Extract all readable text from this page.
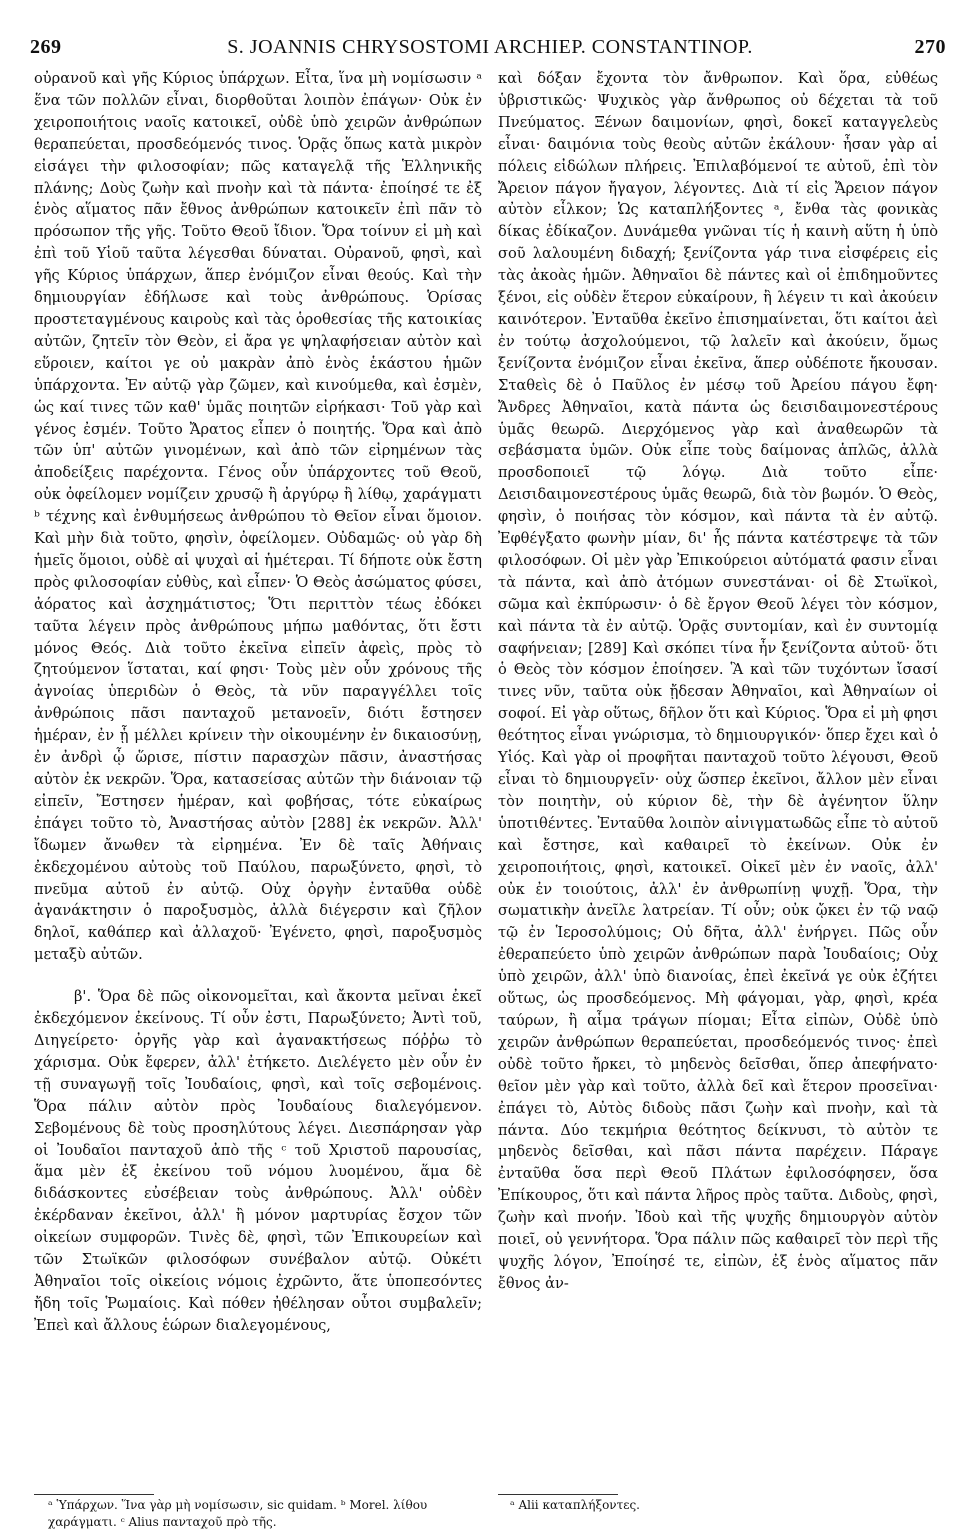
269	S. JOANNIS CHRYSOSTOMI ARCHIEP. CONSTANTINOP.	270

οὐρανοῦ καὶ γῆς Κύριος ὑπάρχων. Εἶτα, ἵνα μὴ νομίσωσιν ᵃ ἕνα τῶν πολλῶν εἶναι, διορθοῦται λοιπὸν ἐπάγων· Οὐκ ἐν χειροποιήτοις ναοῖς κατοικεῖ, οὐδὲ ὑπὸ χειρῶν ἀνθρώπων θεραπεύεται, προσδεόμενός τινος. Ὁρᾷς ὅπως κατὰ μικρὸν εἰσάγει τὴν φιλοσοφίαν; πῶς καταγελᾷ τῆς Ἑλληνικῆς πλάνης; Δοὺς ζωὴν καὶ πνοὴν καὶ τὰ πάντα· ἐποίησέ τε ἐξ ἑνὸς αἵματος πᾶν ἔθνος ἀνθρώπων κατοικεῖν ἐπὶ πᾶν τὸ πρόσωπον τῆς γῆς. Τοῦτο Θεοῦ ἴδιον. Ὅρα τοίνυν εἰ μὴ καὶ ἐπὶ τοῦ Υἱοῦ ταῦτα λέγεσθαι δύναται. Οὐρανοῦ, φησὶ, καὶ γῆς Κύριος ὑπάρχων, ἅπερ ἐνόμιζον εἶναι θεούς. Καὶ τὴν δημιουργίαν ἐδήλωσε καὶ τοὺς ἀνθρώπους. Ὁρίσας προστεταγμένους καιροὺς καὶ τὰς ὁροθεσίας τῆς κατοικίας αὐτῶν, ζητεῖν τὸν Θεὸν, εἰ ἄρα γε ψηλαφήσειαν αὐτὸν καὶ εὕροιεν, καίτοι γε οὐ μακρὰν ἀπὸ ἑνὸς ἑκάστου ἡμῶν ὑπάρχοντα. Ἐν αὐτῷ γὰρ ζῶμεν, καὶ κινούμεθα, καὶ ἐσμὲν, ὡς καί τινες τῶν καθ' ὑμᾶς ποιητῶν εἰρήκασι· Τοῦ γὰρ καὶ γένος ἐσμέν. Τοῦτο Ἄρατος εἶπεν ὁ ποιητής. Ὅρα καὶ ἀπὸ τῶν ὑπ' αὐτῶν γινομένων, καὶ ἀπὸ τῶν εἰρημένων τὰς ἀποδείξεις παρέχοντα. Γένος οὖν ὑπάρχοντες τοῦ Θεοῦ, οὐκ ὀφείλομεν νομίζειν χρυσῷ ἢ ἀργύρῳ ἢ λίθῳ, χαράγματι ᵇ τέχνης καὶ ἐνθυμήσεως ἀνθρώπου τὸ Θεῖον εἶναι ὅμοιον. Καὶ μὴν διὰ τοῦτο, φησὶν, ὀφείλομεν. Οὐδαμῶς· οὐ γὰρ δὴ ἡμεῖς ὅμοιοι, οὐδὲ αἱ ψυχαὶ αἱ ἡμέτεραι. Τί δήποτε οὐκ ἔστη πρὸς φιλοσοφίαν εὐθὺς, καὶ εἶπεν· Ὁ Θεὸς ἀσώματος φύσει, ἀόρατος καὶ ἀσχημάτιστος; Ὅτι περιττὸν τέως ἐδόκει ταῦτα λέγειν πρὸς ἀνθρώπους μήπω μαθόντας, ὅτι ἔστι μόνος Θεός. Διὰ τοῦτο ἐκεῖνα εἰπεῖν ἀφεὶς, πρὸς τὸ ζητούμενον ἵσταται, καί φησι· Τοὺς μὲν οὖν χρόνους τῆς ἀγνοίας ὑπεριδὼν ὁ Θεὸς, τὰ νῦν παραγγέλλει τοῖς ἀνθρώποις πᾶσι πανταχοῦ μετανοεῖν, διότι ἔστησεν ἡμέραν, ἐν ᾗ μέλλει κρίνειν τὴν οἰκουμένην ἐν δικαιοσύνῃ, ἐν ἀνδρὶ ᾧ ὥρισε, πίστιν παρασχὼν πᾶσιν, ἀναστήσας αὐτὸν ἐκ νεκρῶν. Ὅρα, κατασείσας αὐτῶν τὴν διάνοιαν τῷ εἰπεῖν, Ἔστησεν ἡμέραν, καὶ φοβήσας, τότε εὐκαίρως ἐπάγει τοῦτο τὸ, Ἀναστήσας αὐτὸν [288] ἐκ νεκρῶν. Ἀλλ' ἴδωμεν ἄνωθεν τὰ εἰρημένα. Ἐν δὲ ταῖς Ἀθήναις ἐκδεχομένου αὐτοὺς τοῦ Παύλου, παρωξύνετο, φησὶ, τὸ πνεῦμα αὐτοῦ ἐν αὐτῷ. Οὐχ ὀργὴν ἐνταῦθα οὐδὲ ἀγανάκτησιν ὁ παροξυσμὸς, ἀλλὰ διέγερσιν καὶ ζῆλον δηλοῖ, καθάπερ καὶ ἀλλαχοῦ· Ἐγένετο, φησὶ, παροξυσμὸς μεταξὺ αὐτῶν.

β'. Ὅρα δὲ πῶς οἰκονομεῖται, καὶ ἄκοντα μεῖναι ἐκεῖ ἐκδεχόμενον ἐκείνους. Τί οὖν ἐστι, Παρωξύνετο; Ἀντὶ τοῦ, Διηγείρετο· ὀργῆς γὰρ καὶ ἀγανακτήσεως πόῤῥω τὸ χάρισμα. Οὐκ ἔφερεν, ἀλλ' ἐτήκετο. Διελέγετο μὲν οὖν ἐν τῇ συναγωγῇ τοῖς Ἰουδαίοις, φησὶ, καὶ τοῖς σεβομένοις. Ὅρα πάλιν αὐτὸν πρὸς Ἰουδαίους διαλεγόμενον. Σεβομένους δὲ τοὺς προσηλύτους λέγει. Διεσπάρησαν γὰρ οἱ Ἰουδαῖοι πανταχοῦ ἀπὸ τῆς ᶜ τοῦ Χριστοῦ παρουσίας, ἅμα μὲν ἐξ ἐκείνου τοῦ νόμου λυομένου, ἅμα δὲ διδάσκοντες εὐσέβειαν τοὺς ἀνθρώπους. Ἀλλ' οὐδὲν ἐκέρδαναν ἐκεῖνοι, ἀλλ' ἢ μόνον μαρτυρίας ἔσχον τῶν οἰκείων συμφορῶν. Τινὲς δὲ, φησὶ, τῶν Ἐπικουρείων καὶ τῶν Στωϊκῶν φιλοσόφων συνέβαλον αὐτῷ. Οὐκέτι Ἀθηναῖοι τοῖς οἰκείοις νόμοις ἐχρῶντο, ἅτε ὑποπεσόντες ἤδη τοῖς Ῥωμαίοις. Καὶ πόθεν ἠθέλησαν οὗτοι συμβαλεῖν; Ἐπεὶ καὶ ἄλλους ἑώρων διαλεγομένους,

καὶ δόξαν ἔχοντα τὸν ἄνθρωπον. Καὶ ὅρα, εὐθέως ὑβριστικῶς· Ψυχικὸς γὰρ ἄνθρωπος οὐ δέχεται τὰ τοῦ Πνεύματος. Ξένων δαιμονίων, φησὶ, δοκεῖ καταγγελεὺς εἶναι· δαιμόνια τοὺς θεοὺς αὐτῶν ἐκάλουν· ἦσαν γὰρ αἱ πόλεις εἰδώλων πλήρεις. Ἐπιλαβόμενοί τε αὐτοῦ, ἐπὶ τὸν Ἄρειον πάγον ἤγαγον, λέγοντες. Διὰ τί εἰς Ἄρειον πάγον αὐτὸν εἷλκον; Ὡς καταπλήξοντες ᵃ, ἔνθα τὰς φονικὰς δίκας ἐδίκαζον. Δυνάμεθα γνῶναι τίς ἡ καινὴ αὕτη ἡ ὑπὸ σοῦ λαλουμένη διδαχή; ξενίζοντα γάρ τινα εἰσφέρεις εἰς τὰς ἀκοὰς ἡμῶν. Ἀθηναῖοι δὲ πάντες καὶ οἱ ἐπιδημοῦντες ξένοι, εἰς οὐδὲν ἕτερον εὐκαίρουν, ἢ λέγειν τι καὶ ἀκούειν καινότερον. Ἐνταῦθα ἐκεῖνο ἐπισημαίνεται, ὅτι καίτοι ἀεὶ ἐν τούτῳ ἀσχολούμενοι, τῷ λαλεῖν καὶ ἀκούειν, ὅμως ξενίζοντα ἐνόμιζον εἶναι ἐκεῖνα, ἅπερ οὐδέποτε ἤκουσαν. Σταθεὶς δὲ ὁ Παῦλος ἐν μέσῳ τοῦ Ἀρείου πάγου ἔφη· Ἄνδρες Ἀθηναῖοι, κατὰ πάντα ὡς δεισιδαιμονεστέρους ὑμᾶς θεωρῶ. Διερχόμενος γὰρ καὶ ἀναθεωρῶν τὰ σεβάσματα ὑμῶν. Οὐκ εἶπε τοὺς δαίμονας ἁπλῶς, ἀλλὰ προσδοποιεῖ τῷ λόγῳ. Διὰ τοῦτο εἶπε· Δεισιδαιμονεστέρους ὑμᾶς θεωρῶ, διὰ τὸν βωμόν. Ὁ Θεὸς, φησὶν, ὁ ποιήσας τὸν κόσμον, καὶ πάντα τὰ ἐν αὐτῷ. Ἐφθέγξατο φωνὴν μίαν, δι' ἧς πάντα κατέστρεψε τὰ τῶν φιλοσόφων. Οἱ μὲν γὰρ Ἐπικούρειοι αὐτόματά φασιν εἶναι τὰ πάντα, καὶ ἀπὸ ἀτόμων συνεστάναι· οἱ δὲ Στωϊκοὶ, σῶμα καὶ ἐκπύρωσιν· ὁ δὲ ἔργον Θεοῦ λέγει τὸν κόσμον, καὶ πάντα τὰ ἐν αὐτῷ. Ὁρᾷς συντομίαν, καὶ ἐν συντομίᾳ σαφήνειαν; [289] Καὶ σκόπει τίνα ἦν ξενίζοντα αὐτοῦ· ὅτι ὁ Θεὸς τὸν κόσμον ἐποίησεν. Ἃ καὶ τῶν τυχόντων ἴσασί τινες νῦν, ταῦτα οὐκ ᾔδεσαν Ἀθηναῖοι, καὶ Ἀθηναίων οἱ σοφοί. Εἰ γὰρ οὕτως, δῆλον ὅτι καὶ Κύριος. Ὅρα εἰ μὴ φησι θεότητος εἶναι γνώρισμα, τὸ δημιουργικόν· ὅπερ ἔχει καὶ ὁ Υἱός. Καὶ γὰρ οἱ προφῆται πανταχοῦ τοῦτο λέγουσι, Θεοῦ εἶναι τὸ δημιουργεῖν· οὐχ ὥσπερ ἐκεῖνοι, ἄλλον μὲν εἶναι τὸν ποιητὴν, οὐ κύριον δὲ, τὴν δὲ ἀγένητον ὕλην ὑποτιθέντες. Ἐνταῦθα λοιπὸν αἰνιγματωδῶς εἶπε τὸ αὐτοῦ καὶ ἔστησε, καὶ καθαιρεῖ τὸ ἐκείνων. Οὐκ ἐν χειροποιήτοις, φησὶ, κατοικεῖ. Οἰκεῖ μὲν ἐν ναοῖς, ἀλλ' οὐκ ἐν τοιούτοις, ἀλλ' ἐν ἀνθρωπίνῃ ψυχῇ. Ὅρα, τὴν σωματικὴν ἀνεῖλε λατρείαν. Τί οὖν; οὐκ ᾤκει ἐν τῷ ναῷ τῷ ἐν Ἱεροσολύμοις; Οὐ δῆτα, ἀλλ' ἐνήργει. Πῶς οὖν ἐθεραπεύετο ὑπὸ χειρῶν ἀνθρώπων παρὰ Ἰουδαίοις; Οὐχ ὑπὸ χειρῶν, ἀλλ' ὑπὸ διανοίας, ἐπεὶ ἐκεῖνά γε οὐκ ἐζήτει οὕτως, ὡς προσδεόμενος. Μὴ φάγομαι, γὰρ, φησὶ, κρέα ταύρων, ἢ αἷμα τράγων πίομαι; Εἶτα εἰπὼν, Οὐδὲ ὑπὸ χειρῶν ἀνθρώπων θεραπεύεται, προσδεόμενός τινος· ἐπεὶ οὐδὲ τοῦτο ἤρκει, τὸ μηδενὸς δεῖσθαι, ὅπερ ἀπεφήνατο· θεῖον μὲν γὰρ καὶ τοῦτο, ἀλλὰ δεῖ καὶ ἕτερον προσεῖναι· ἐπάγει τὸ, Αὐτὸς διδοὺς πᾶσι ζωὴν καὶ πνοὴν, καὶ τὰ πάντα. Δύο τεκμήρια θεότητος δείκνυσι, τὸ αὐτὸν τε μηδενὸς δεῖσθαι, καὶ πᾶσι πάντα παρέχειν. Πάραγε ἐνταῦθα ὅσα περὶ Θεοῦ Πλάτων ἐφιλοσόφησεν, ὅσα Ἐπίκουρος, ὅτι καὶ πάντα λῆρος πρὸς ταῦτα. Διδοὺς, φησὶ, ζωὴν καὶ πνοήν. Ἰδοὺ καὶ τῆς ψυχῆς δημιουργὸν αὐτὸν ποιεῖ, οὐ γεννήτορα. Ὅρα πάλιν πῶς καθαιρεῖ τὸν περὶ τῆς ψυχῆς λόγον, Ἐποίησέ τε, εἰπὼν, ἐξ ἑνὸς αἵματος πᾶν ἔθνος ἀν-

ᵃ Ὑπάρχων. Ἵνα γὰρ μὴ νομίσωσιν, sic quidam. ᵇ Morel. λίθου χαράγματι. ᶜ Alius πανταχοῦ πρὸ τῆς.
ᵃ Alii καταπλήξοντες.
